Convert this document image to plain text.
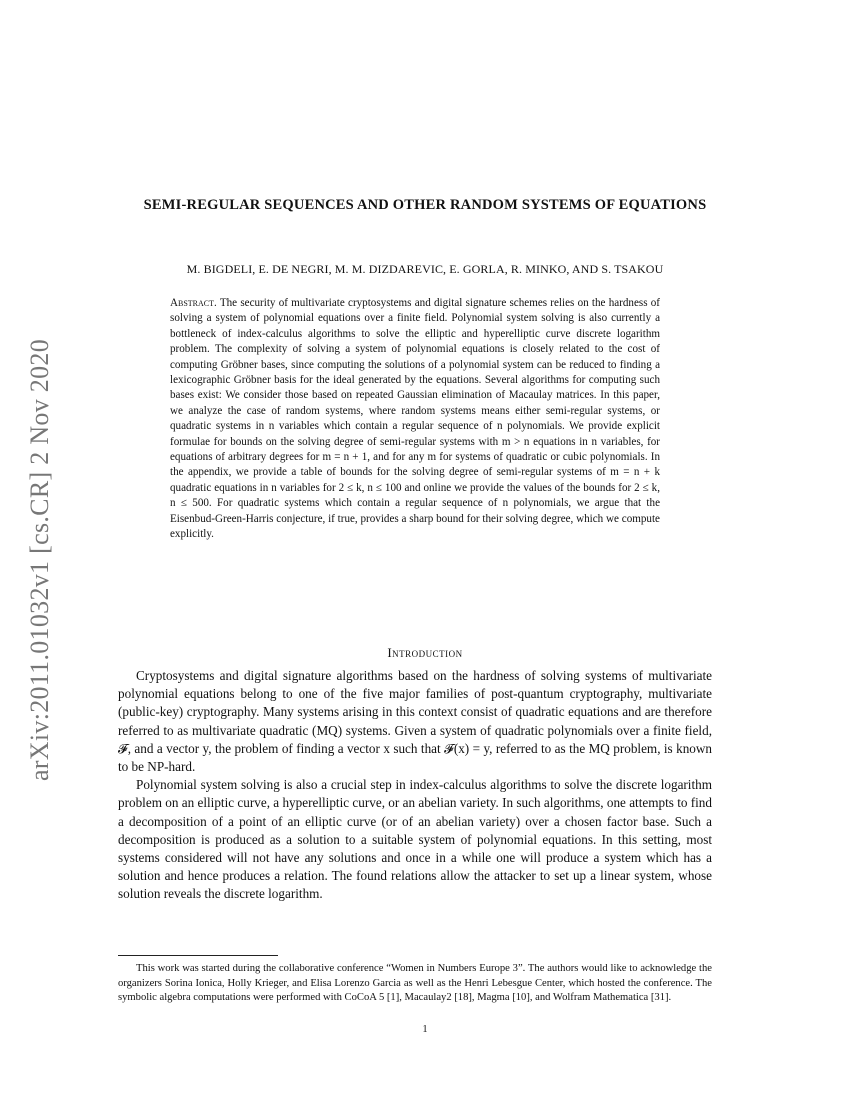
arXiv:2011.01032v1 [cs.CR] 2 Nov 2020
SEMI-REGULAR SEQUENCES AND OTHER RANDOM SYSTEMS OF EQUATIONS
M. BIGDELI, E. DE NEGRI, M. M. DIZDAREVIC, E. GORLA, R. MINKO, AND S. TSAKOU
Abstract. The security of multivariate cryptosystems and digital signature schemes relies on the hardness of solving a system of polynomial equations over a finite field. Polynomial system solving is also currently a bottleneck of index-calculus algorithms to solve the elliptic and hyperelliptic curve discrete logarithm problem. The complexity of solving a system of polynomial equations is closely related to the cost of computing Gröbner bases, since computing the solutions of a polynomial system can be reduced to finding a lexicographic Gröbner basis for the ideal generated by the equations. Several algorithms for computing such bases exist: We consider those based on repeated Gaussian elimination of Macaulay matrices. In this paper, we analyze the case of random systems, where random systems means either semi-regular systems, or quadratic systems in n variables which contain a regular sequence of n polynomials. We provide explicit formulae for bounds on the solving degree of semi-regular systems with m > n equations in n variables, for equations of arbitrary degrees for m = n + 1, and for any m for systems of quadratic or cubic polynomials. In the appendix, we provide a table of bounds for the solving degree of semi-regular systems of m = n + k quadratic equations in n variables for 2 ≤ k, n ≤ 100 and online we provide the values of the bounds for 2 ≤ k, n ≤ 500. For quadratic systems which contain a regular sequence of n polynomials, we argue that the Eisenbud-Green-Harris conjecture, if true, provides a sharp bound for their solving degree, which we compute explicitly.
Introduction

Cryptosystems and digital signature algorithms based on the hardness of solving systems of multivariate polynomial equations belong to one of the five major families of post-quantum cryptography, multivariate (public-key) cryptography. Many systems arising in this context consist of quadratic equations and are therefore referred to as multivariate quadratic (MQ) systems. Given a system of quadratic polynomials over a finite field, 𝓕, and a vector y, the problem of finding a vector x such that 𝓕(x) = y, referred to as the MQ problem, is known to be NP-hard.

Polynomial system solving is also a crucial step in index-calculus algorithms to solve the discrete logarithm problem on an elliptic curve, a hyperelliptic curve, or an abelian variety. In such algorithms, one attempts to find a decomposition of a point of an elliptic curve (or of an abelian variety) over a chosen factor base. Such a decomposition is produced as a solution to a suitable system of polynomial equations. In this setting, most systems considered will not have any solutions and once in a while one will produce a system which has a solution and hence produces a relation. The found relations allow the attacker to set up a linear system, whose solution reveals the discrete logarithm.

This work was started during the collaborative conference “Women in Numbers Europe 3”. The authors would like to acknowledge the organizers Sorina Ionica, Holly Krieger, and Elisa Lorenzo Garcia as well as the Henri Lebesgue Center, which hosted the conference. The symbolic algebra computations were performed with CoCoA 5 [1], Macaulay2 [18], Magma [10], and Wolfram Mathematica [31].

1
